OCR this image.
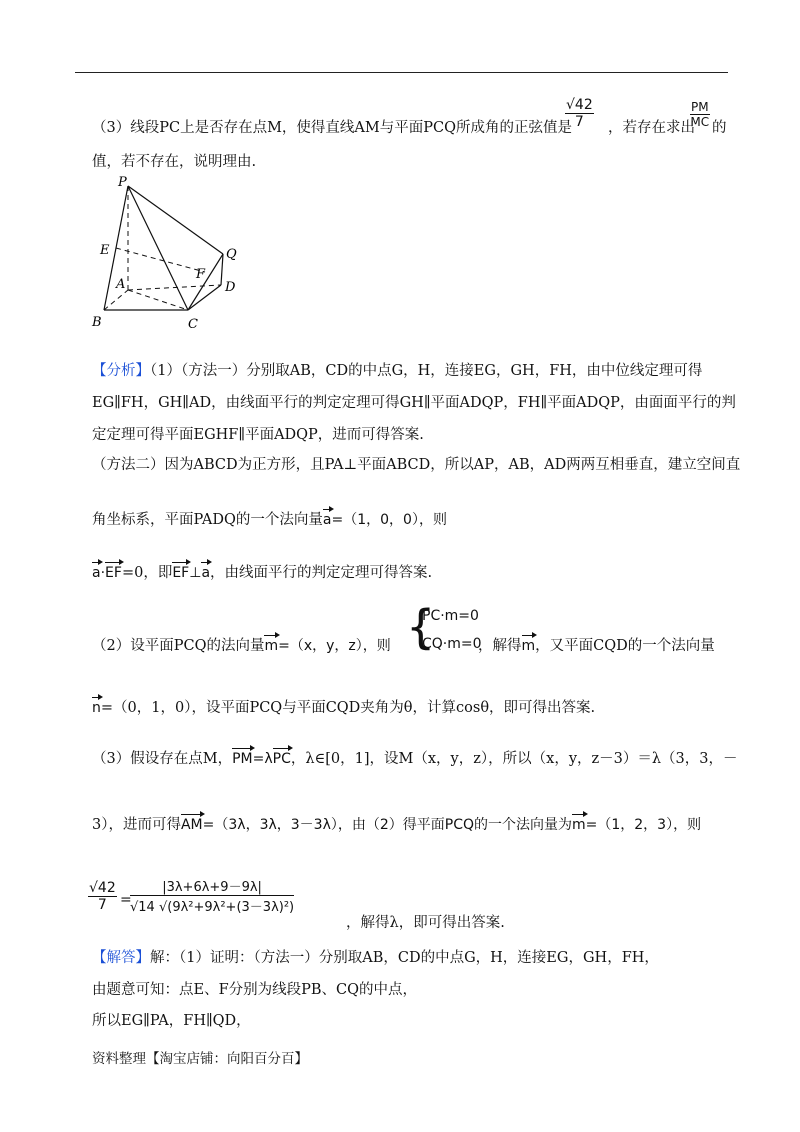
（3）线段PC上是否存在点M，使得直线AM与平面PCQ所成角的正弦值是
$\frac{√42}{7}$ ，若存在求出
$\frac{PM}{MC}$ 的
值，若不存在，说明理由.
P
E	Q
F
A	D
B	C
【分析】（1）（方法一）分别取AB，CD的中点G，H，连接EG，GH，FH，由中位线定理可得
EG∥FH，GH∥AD，由线面平行的判定定理可得GH∥平面ADQP，FH∥平面ADQP，由面面平行的判
定定理可得平面EGHF∥平面ADQP，进而可得答案.
（方法二）因为ABCD为正方形，且PA⊥平面ABCD，所以AP，AB，AD两两互相垂直，建立空间直
角坐标系，平面PADQ的一个法向量a=（1，0，0），则
a·EF=0，即EF⊥a，由线面平行的判定定理可得答案.
（2）设平面PCQ的法向量m=（x，y，z），则 {
PC·m=0
CQ·m=0
，解得m，又平面CQD的一个法向量
n=（0，1，0），设平面PCQ与平面CQD夹角为θ，计算cosθ，即可得出答案.
（3）假设存在点M，PM=λPC，λ∈[0，1]，设M（x，y，z），所以（x，y，z－3）＝λ（3，3，－
3），进而可得AM=（3λ，3λ，3－3λ），由（2）得平面PCQ的一个法向量为m=（1，2，3），则
$\frac{√42}{7}$ =
$\frac{|3\lambda+6\lambda+9-9\lambda|}{\text{√14 √(9λ²+9λ²+(3－3λ)²)}}$
，解得λ，即可得出答案.
【解答】解：（1）证明：（方法一）分别取AB，CD的中点G，H，连接EG，GH，FH，
由题意可知：点E、F分别为线段PB、CQ的中点，
所以EG∥PA，FH∥QD，
资料整理【淘宝店铺：向阳百分百】
